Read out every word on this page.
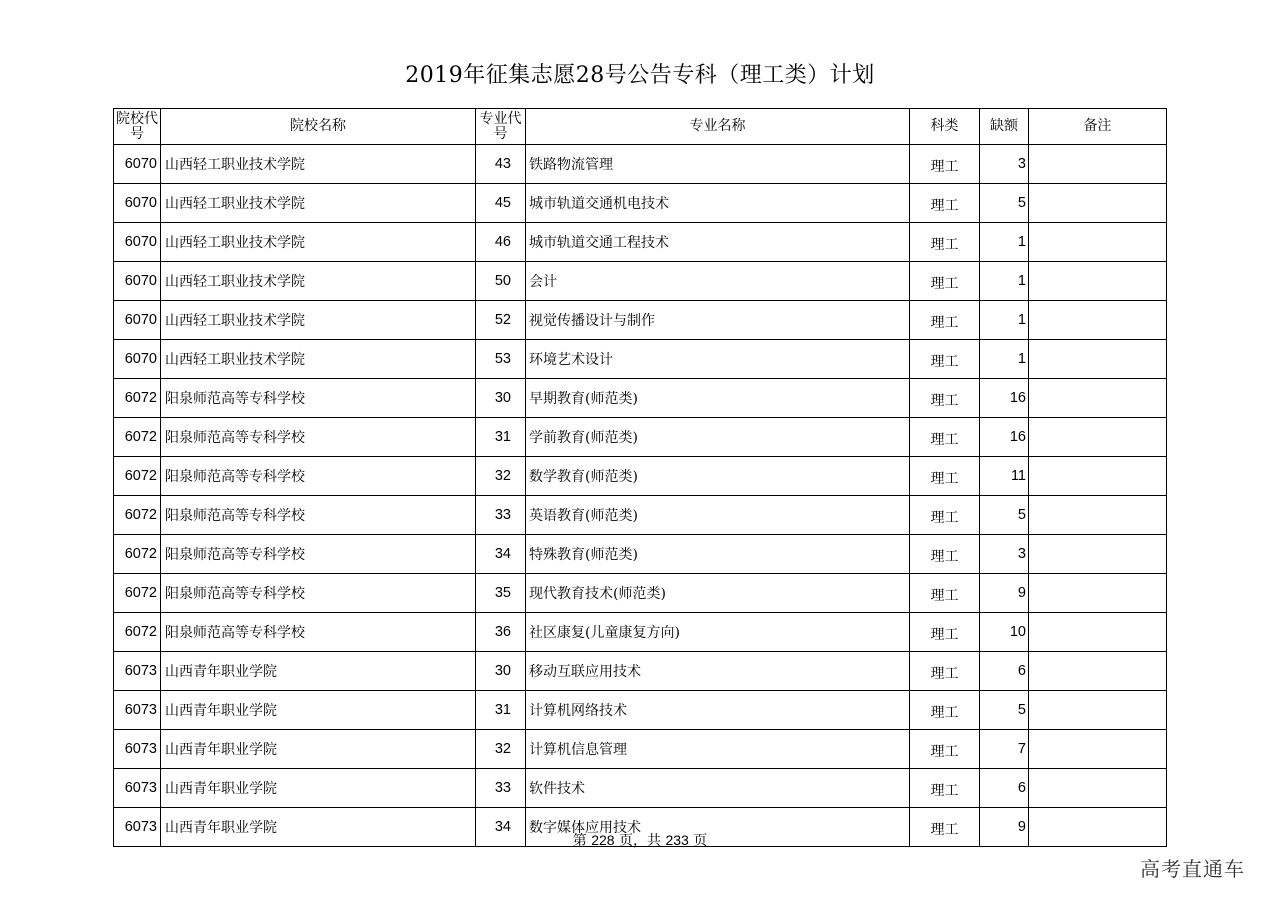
2019年征集志愿28号公告专科（理工类）计划
院校代号	院校名称	专业代号	专业名称	科类	缺额	备注
6070	山西轻工职业技术学院	43	铁路物流管理	理工	3	
6070	山西轻工职业技术学院	45	城市轨道交通机电技术	理工	5	
6070	山西轻工职业技术学院	46	城市轨道交通工程技术	理工	1	
6070	山西轻工职业技术学院	50	会计	理工	1	
6070	山西轻工职业技术学院	52	视觉传播设计与制作	理工	1	
6070	山西轻工职业技术学院	53	环境艺术设计	理工	1	
6072	阳泉师范高等专科学校	30	早期教育(师范类)	理工	16	
6072	阳泉师范高等专科学校	31	学前教育(师范类)	理工	16	
6072	阳泉师范高等专科学校	32	数学教育(师范类)	理工	11	
6072	阳泉师范高等专科学校	33	英语教育(师范类)	理工	5	
6072	阳泉师范高等专科学校	34	特殊教育(师范类)	理工	3	
6072	阳泉师范高等专科学校	35	现代教育技术(师范类)	理工	9	
6072	阳泉师范高等专科学校	36	社区康复(儿童康复方向)	理工	10	
6073	山西青年职业学院	30	移动互联应用技术	理工	6	
6073	山西青年职业学院	31	计算机网络技术	理工	5	
6073	山西青年职业学院	32	计算机信息管理	理工	7	
6073	山西青年职业学院	33	软件技术	理工	6	
6073	山西青年职业学院	34	数字媒体应用技术	理工	9	
第 228 页，共 233 页
高考直通车
